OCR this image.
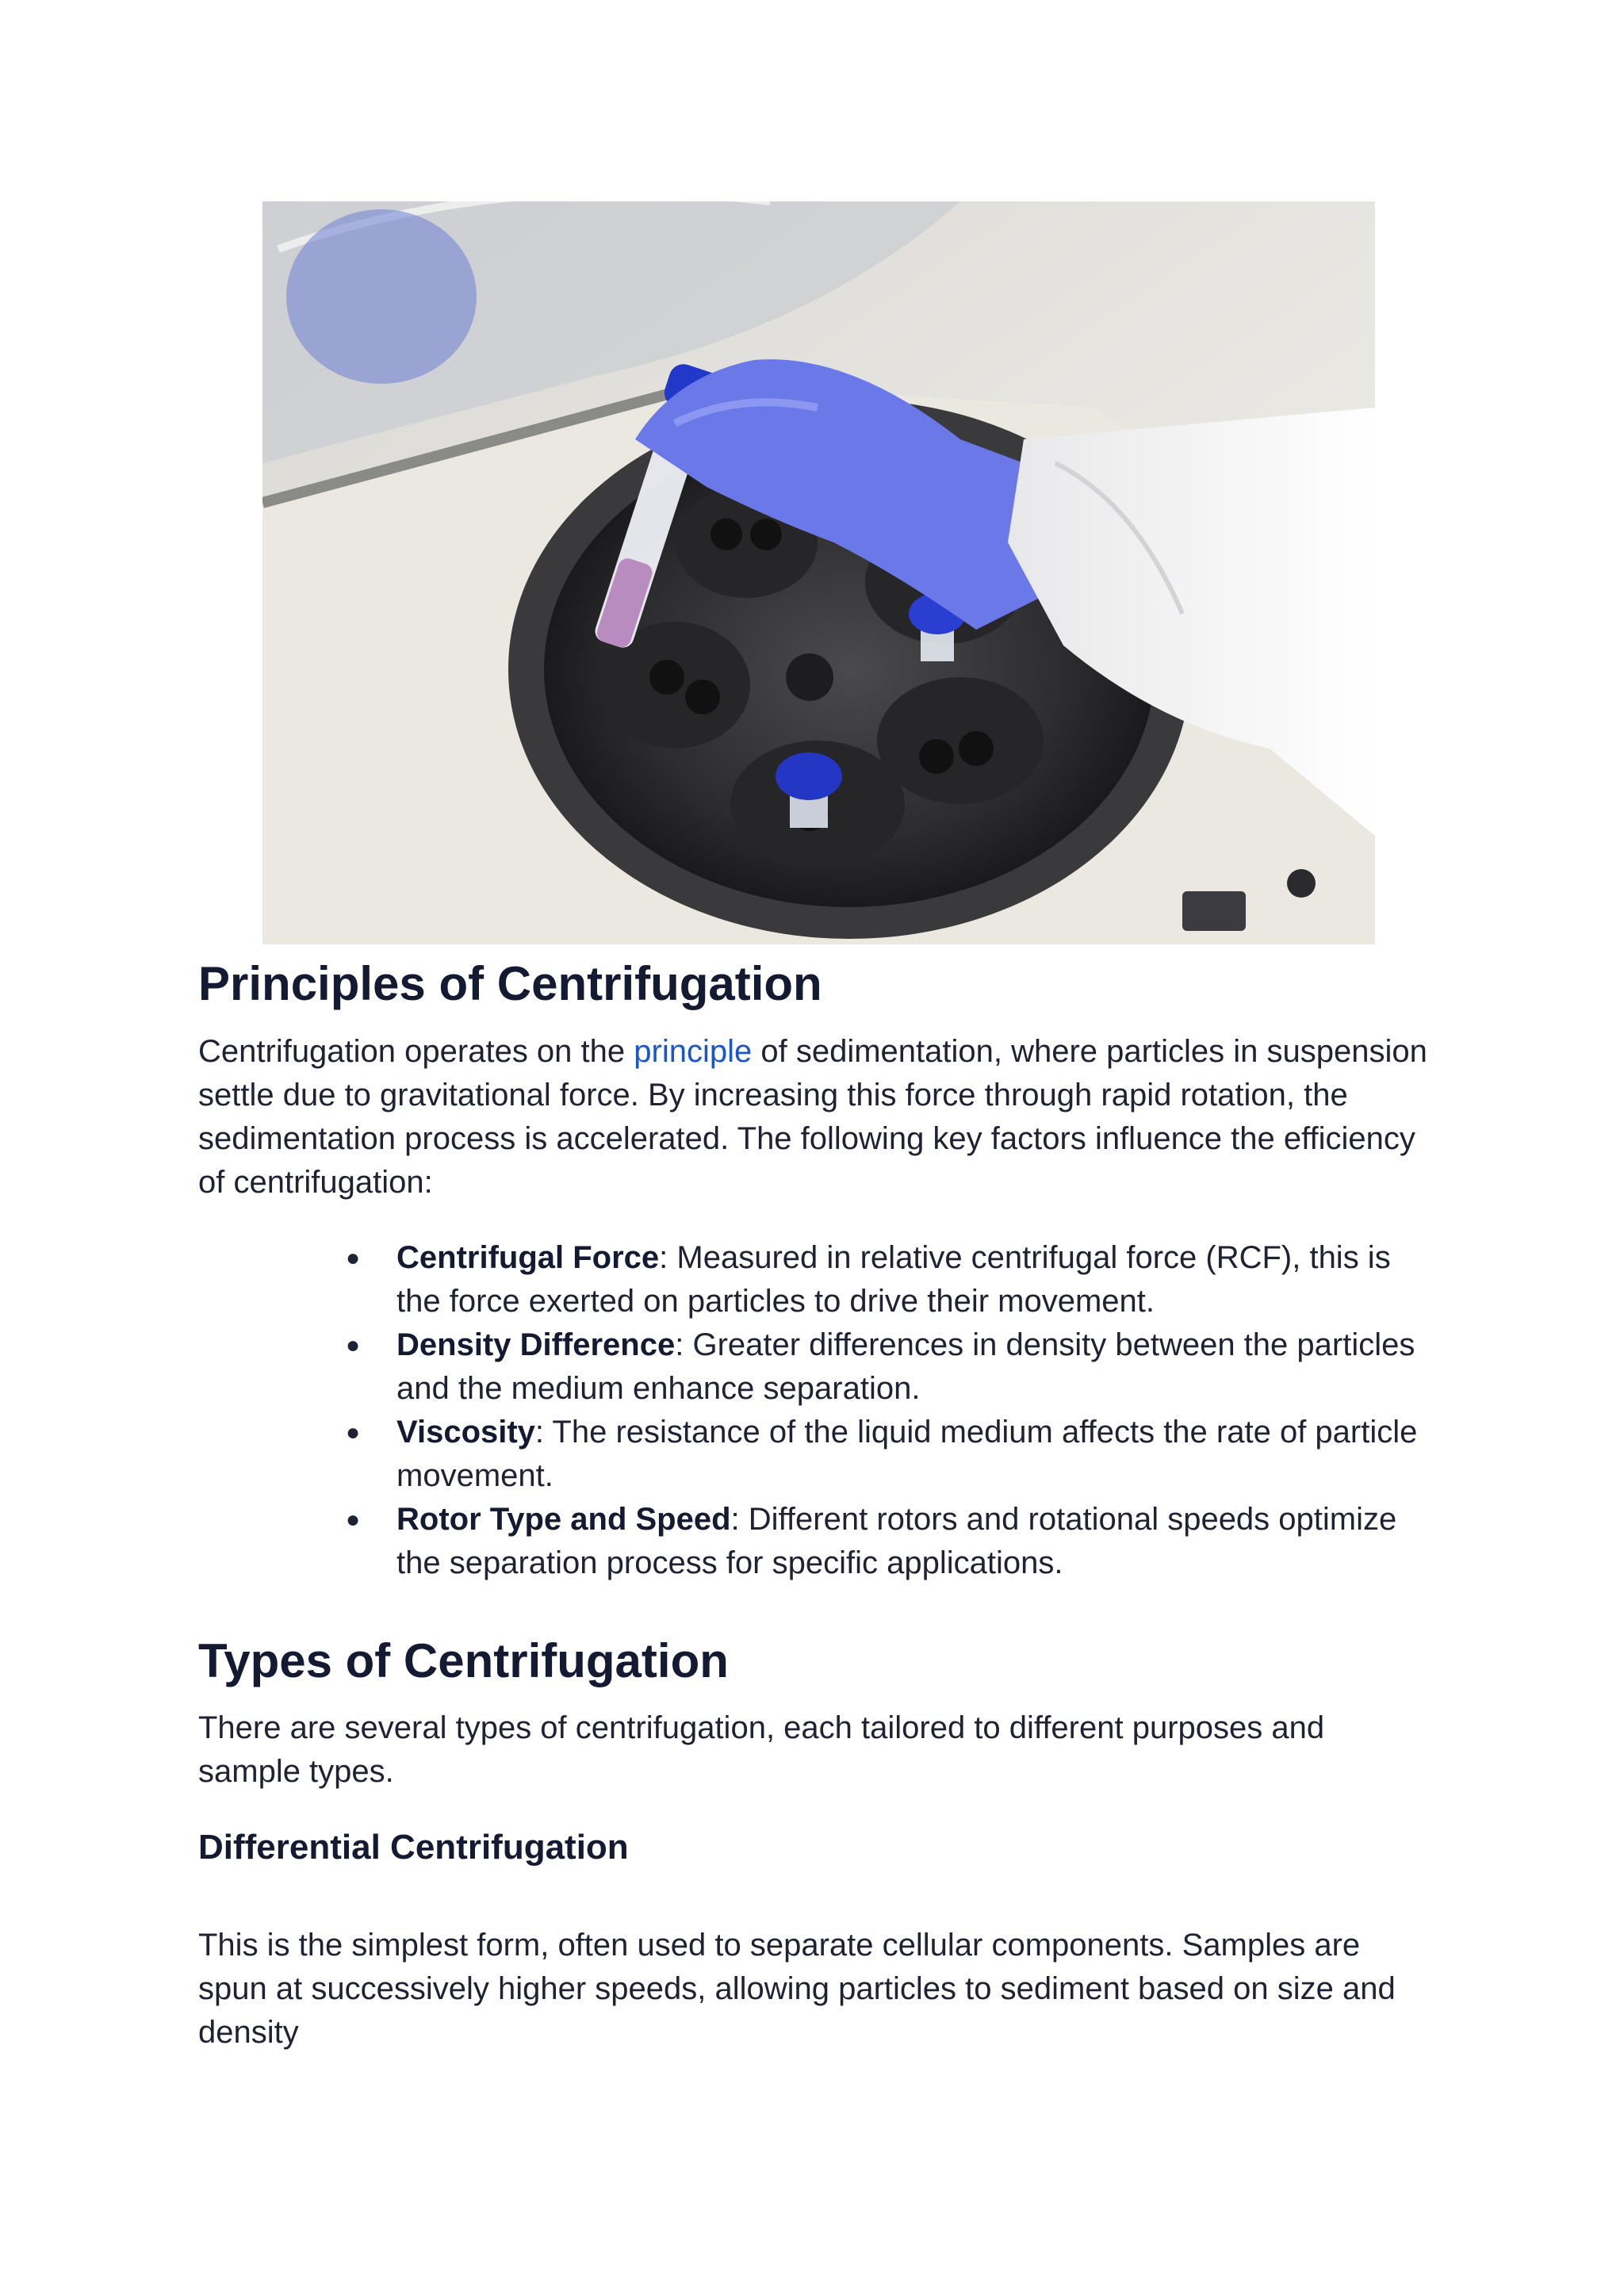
Principles of Centrifugation

Centrifugation operates on the principle of sedimentation, where particles in suspension settle due to gravitational force. By increasing this force through rapid rotation, the sedimentation process is accelerated. The following key factors influence the efficiency of centrifugation:

● Centrifugal Force: Measured in relative centrifugal force (RCF), this is the force exerted on particles to drive their movement.
● Density Difference: Greater differences in density between the particles and the medium enhance separation.
● Viscosity: The resistance of the liquid medium affects the rate of particle movement.
● Rotor Type and Speed: Different rotors and rotational speeds optimize the separation process for specific applications.
Types of Centrifugation

There are several types of centrifugation, each tailored to different purposes and sample types.

Differential Centrifugation

This is the simplest form, often used to separate cellular components. Samples are spun at successively higher speeds, allowing particles to sediment based on size and density
